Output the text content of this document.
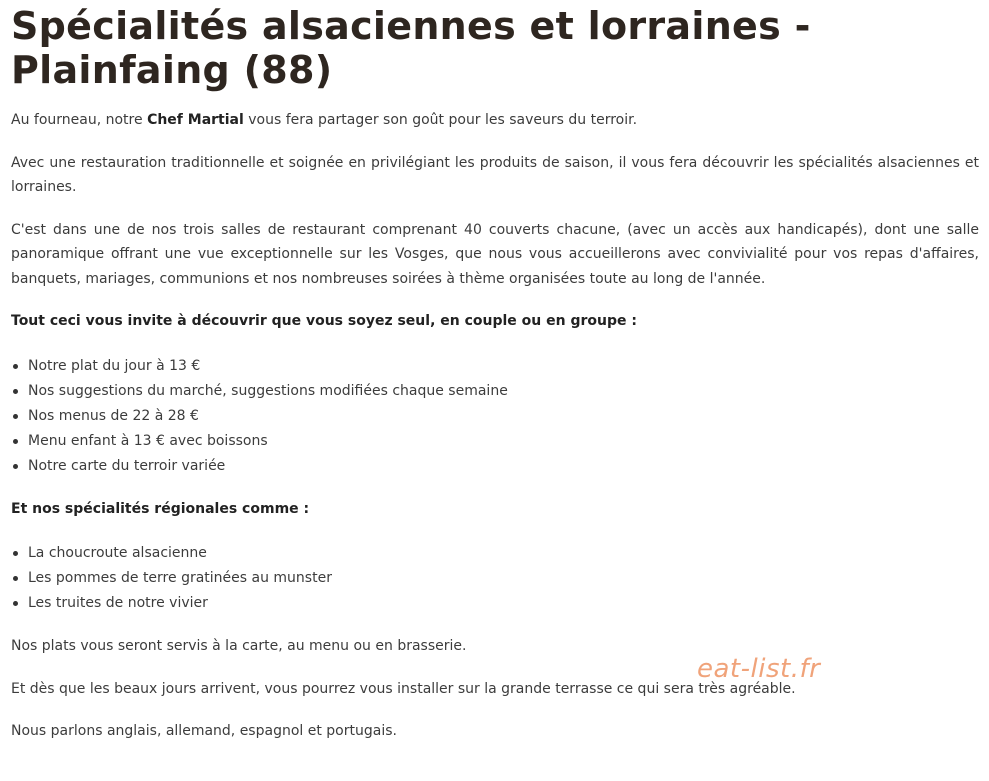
Spécialités alsaciennes et lorraines - Plainfaing (88)

Au fourneau, notre Chef Martial vous fera partager son goût pour les saveurs du terroir.

Avec une restauration traditionnelle et soignée en privilégiant les produits de saison, il vous fera découvrir les spécialités alsaciennes et lorraines.

C'est dans une de nos trois salles de restaurant comprenant 40 couverts chacune, (avec un accès aux handicapés), dont une salle panoramique offrant une vue exceptionnelle sur les Vosges, que nous vous accueillerons avec convivialité pour vos repas d'affaires, banquets, mariages, communions et nos nombreuses soirées à thème organisées toute au long de l'année.

Tout ceci vous invite à découvrir que vous soyez seul, en couple ou en groupe :

Notre plat du jour à 13 €
Nos suggestions du marché, suggestions modifiées chaque semaine
Nos menus de 22 à 28 €
Menu enfant à 13 € avec boissons
Notre carte du terroir variée

Et nos spécialités régionales comme :

La choucroute alsacienne
Les pommes de terre gratinées au munster
Les truites de notre vivier

Nos plats vous seront servis à la carte, au menu ou en brasserie.

Et dès que les beaux jours arrivent, vous pourrez vous installer sur la grande terrasse ce qui sera très agréable.

Nous parlons anglais, allemand, espagnol et portugais.

eat-list.fr
